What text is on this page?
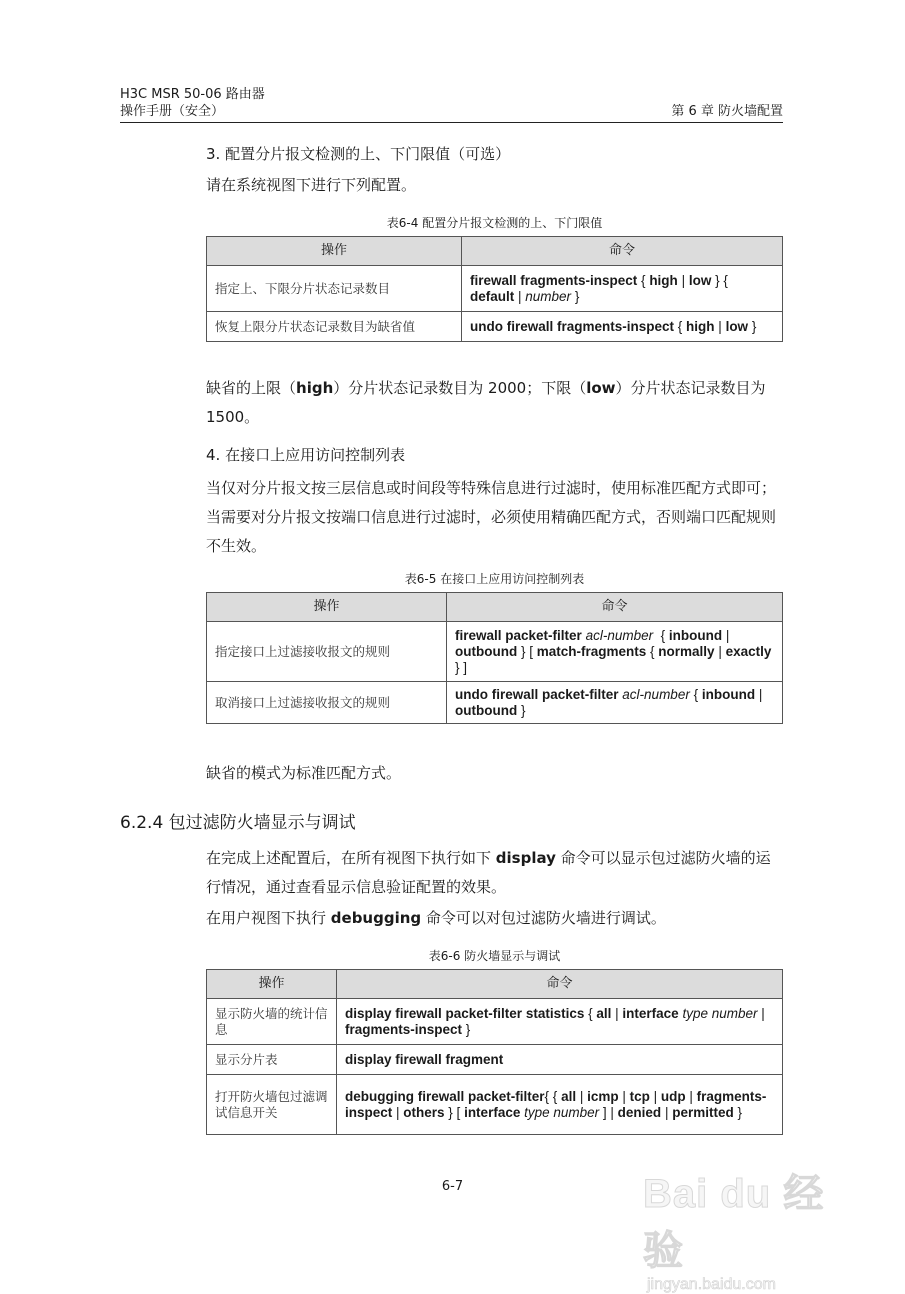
H3C MSR 50-06 路由器
操作手册（安全）	第 6 章 防火墙配置
3. 配置分片报文检测的上、下门限值（可选）
请在系统视图下进行下列配置。
表6-4 配置分片报文检测的上、下门限值
操作	命令
指定上、下限分片状态记录数目	firewall fragments-inspect { high | low } { default | number }
恢复上限分片状态记录数目为缺省值	undo firewall fragments-inspect { high | low }
缺省的上限（high）分片状态记录数目为 2000；下限（low）分片状态记录数目为 1500。
4. 在接口上应用访问控制列表
当仅对分片报文按三层信息或时间段等特殊信息进行过滤时，使用标准匹配方式即可；当需要对分片报文按端口信息进行过滤时，必须使用精确匹配方式，否则端口匹配规则不生效。
表6-5 在接口上应用访问控制列表
操作	命令
指定接口上过滤接收报文的规则	firewall packet-filter acl-number  { inbound | outbound } [ match-fragments { normally | exactly } ]
取消接口上过滤接收报文的规则	undo firewall packet-filter acl-number { inbound | outbound }
缺省的模式为标准匹配方式。
6.2.4 包过滤防火墙显示与调试
在完成上述配置后，在所有视图下执行如下 display 命令可以显示包过滤防火墙的运行情况，通过查看显示信息验证配置的效果。
在用户视图下执行 debugging 命令可以对包过滤防火墙进行调试。
表6-6 防火墙显示与调试
操作	命令
显示防火墙的统计信息	display firewall packet-filter statistics { all | interface type number | fragments-inspect }
显示分片表	display firewall fragment
打开防火墙包过滤调试信息开关	debugging firewall packet-filter{ { all | icmp | tcp | udp | fragments-inspect | others } [ interface type number ] | denied | permitted }
6-7	Bai du 经验
jingyan.baidu.com
